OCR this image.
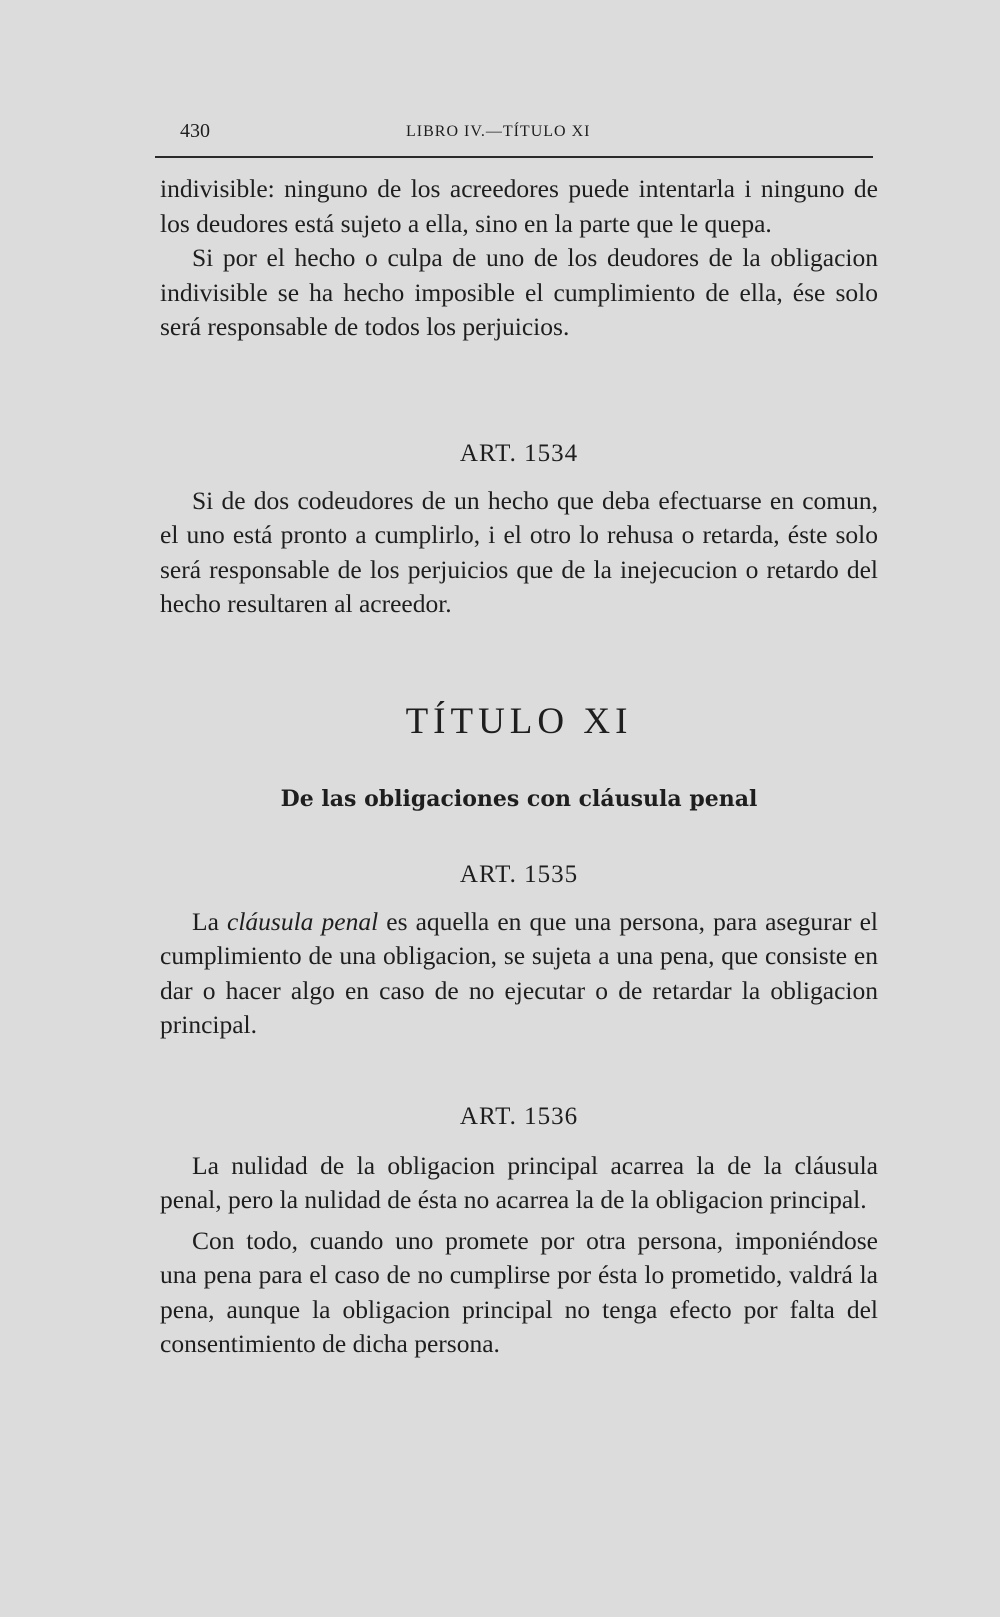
430	LIBRO IV.—TÍTULO XI

indivisible: ninguno de los acreedores puede intentarla i ninguno de los deudores está sujeto a ella, sino en la parte que le quepa.

Si por el hecho o culpa de uno de los deudores de la obligacion indivisible se ha hecho imposible el cumplimiento de ella, ése solo será responsable de todos los perjuicios.

ART. 1534

Si de dos codeudores de un hecho que deba efectuarse en comun, el uno está pronto a cumplirlo, i el otro lo rehusa o retarda, éste solo será responsable de los perjuicios que de la inejecucion o retardo del hecho resultaren al acreedor.

TÍTULO XI
De las obligaciones con cláusula penal

ART. 1535

La cláusula penal es aquella en que una persona, para asegurar el cumplimiento de una obligacion, se sujeta a una pena, que consiste en dar o hacer algo en caso de no ejecutar o de retardar la obligacion principal.

ART. 1536

La nulidad de la obligacion principal acarrea la de la cláusula penal, pero la nulidad de ésta no acarrea la de la obligacion principal.

Con todo, cuando uno promete por otra persona, imponiéndose una pena para el caso de no cumplirse por ésta lo prometido, valdrá la pena, aunque la obligacion principal no tenga efecto por falta del consentimiento de dicha persona.
